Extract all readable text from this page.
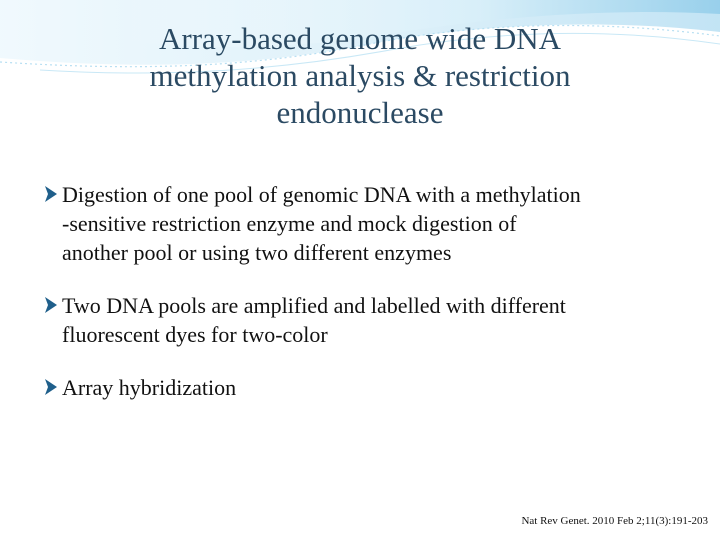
Array-based genome wide DNA
methylation analysis & restriction
endonuclease
Digestion of one pool of genomic DNA with a methylation
-sensitive restriction enzyme and mock digestion of
another pool or using two different enzymes
Two DNA pools are amplified and labelled with different
fluorescent dyes for two-color
Array hybridization
Nat Rev Genet. 2010 Feb 2;11(3):191-203
